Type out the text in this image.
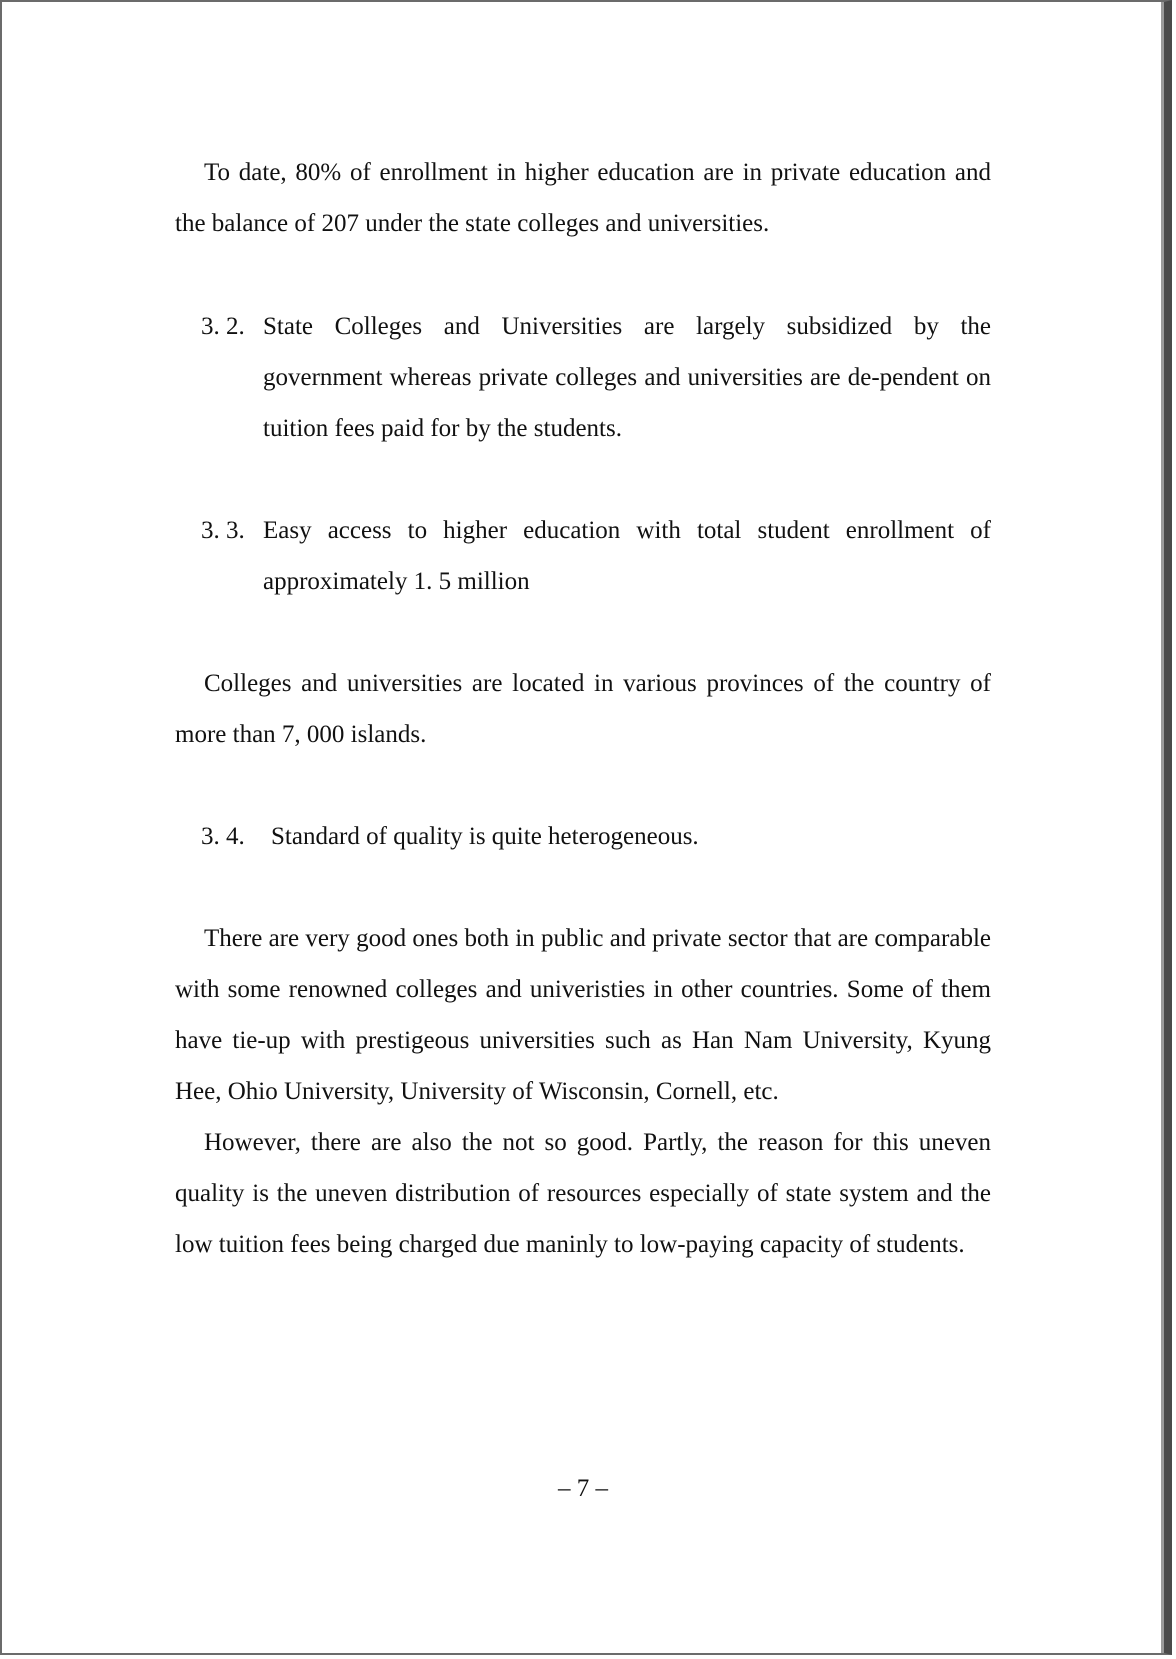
To date, 80% of enrollment in higher education are in private education and the balance of 207 under the state colleges and universities.

3. 2. State Colleges and Universities are largely subsidized by the government whereas private colleges and universities are de-pendent on tuition fees paid for by the students.
3. 3. Easy access to higher education with total student enrollment of approximately 1. 5 million

Colleges and universities are located in various provinces of the country of more than 7, 000 islands.

3. 4.	Standard of quality is quite heterogeneous.

There are very good ones both in public and private sector that are comparable with some renowned colleges and univeristies in other countries. Some of them have tie-up with prestigeous universities such as Han Nam University, Kyung Hee, Ohio University, University of Wisconsin, Cornell, etc.

However, there are also the not so good. Partly, the reason for this uneven quality is the uneven distribution of resources especially of state system and the low tuition fees being charged due maninly to low-paying capacity of students.

– 7 –
